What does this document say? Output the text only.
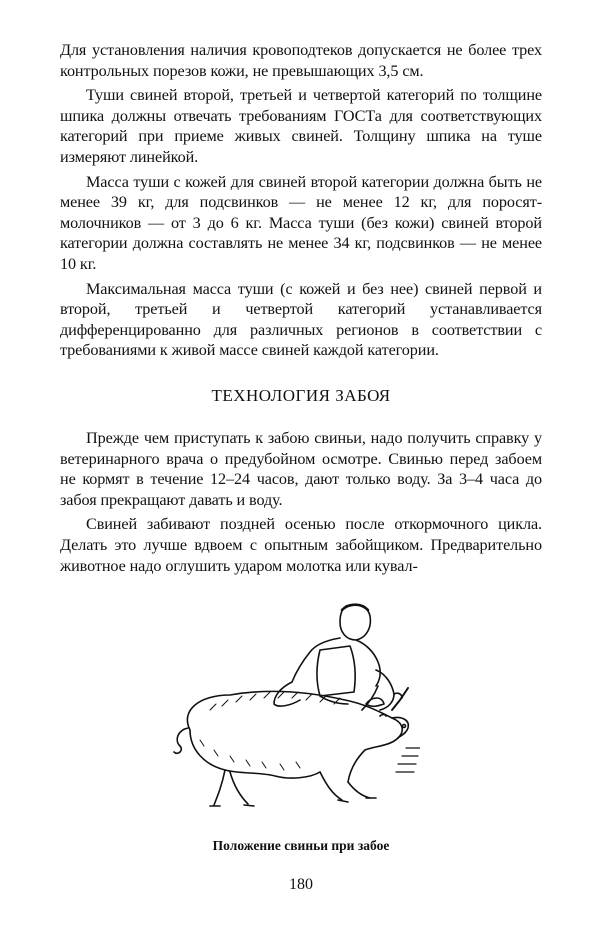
Для установления наличия кровоподтеков допускается не более трех контрольных порезов кожи, не превышающих 3,5 см.

Туши свиней второй, третьей и четвертой категорий по толщине шпика должны отвечать требованиям ГОСТа для соответствующих категорий при приеме живых свиней. Толщину шпика на туше измеряют линейкой.

Масса туши с кожей для свиней второй категории должна быть не менее 39 кг, для подсвинков — не менее 12 кг, для поросят-молочников — от 3 до 6 кг. Масса туши (без кожи) свиней второй категории должна составлять не менее 34 кг, подсвинков — не менее 10 кг.

Максимальная масса туши (с кожей и без нее) свиней первой и второй, третьей и четвертой категорий устанавливается дифференцированно для различных регионов в соответствии с требованиями к живой массе свиней каждой категории.

ТЕХНОЛОГИЯ ЗАБОЯ

Прежде чем приступать к забою свиньи, надо получить справку у ветеринарного врача о предубойном осмотре. Свинью перед забоем не кормят в течение 12–24 часов, дают только воду. За 3–4 часа до забоя прекращают давать и воду.

Свиней забивают поздней осенью после откормочного цикла. Делать это лучше вдвоем с опытным забойщиком. Предварительно животное надо оглушить ударом молотка или кувал-

Положение свиньи при забое
180
